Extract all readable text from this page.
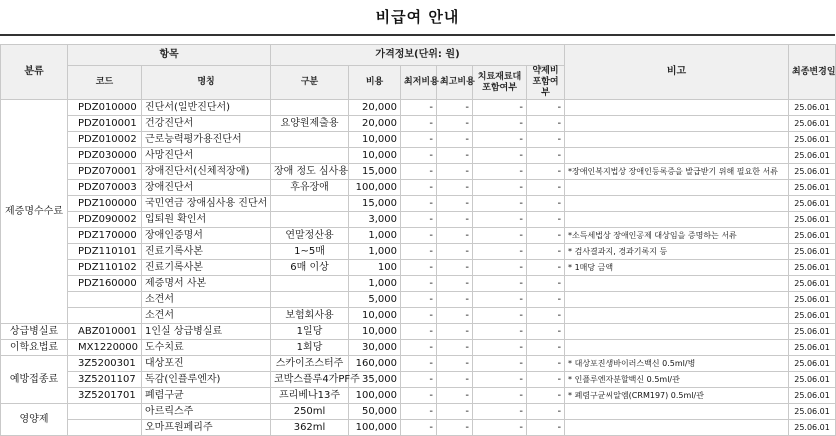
비급여 안내
분류	항목		가격정보(단위: 원)						비고	최종변경일
	코드	명칭	구분	비용	최저비용	최고비용	치료재료대 포함여부	약제비 포함여부		
제증명수수료	PDZ010000	진단서(일반진단서)		20,000	-	-	-	-		25.06.01
	PDZ010001	건강진단서	요양원제출용	20,000	-	-	-	-		25.06.01
	PDZ010002	근로능력평가용진단서		10,000	-	-	-	-		25.06.01
	PDZ030000	사망진단서		10,000	-	-	-	-		25.06.01
	PDZ070001	장애진단서(신체적장애)	장애 정도 심사용	15,000	-	-	-	-	*장애인복지법상 장애인등록증을 발급받기 위해 필요한 서류	25.06.01
	PDZ070003	장애진단서	후유장애	100,000	-	-	-	-		25.06.01
	PDZ100000	국민연금 장애심사용 진단서		15,000	-	-	-	-		25.06.01
	PDZ090002	입퇴원 확인서		3,000	-	-	-	-		25.06.01
	PDZ170000	장애인증명서	연말정산용	1,000	-	-	-	-	*소득세법상 장애인공제 대상임을 증명하는 서류	25.06.01
	PDZ110101	진료기록사본	1~5매	1,000	-	-	-	-	* 검사결과지, 경과기록지 등	25.06.01
	PDZ110102	진료기록사본	6매 이상	100	-	-	-	-	* 1매당 금액	25.06.01
	PDZ160000	제증명서 사본		1,000	-	-	-	-		25.06.01
		소견서		5,000	-	-	-	-		25.06.01
		소견서	보험회사용	10,000	-	-	-	-		25.06.01
상급병실료	ABZ010001	1인실 상급병실료	1일당	10,000	-	-	-	-		25.06.01
이학요법료	MX1220000	도수치료	1회당	30,000	-	-	-	-		25.06.01
예방접종료	3Z5200301	대상포진	스카이조스터주	160,000	-	-	-	-	* 대상포진생바이러스백신 0.5ml/병	25.06.01
	3Z5201107	독감(인플루엔자)	코박스플루4가PF주	35,000	-	-	-	-	* 인플루엔자분할백신 0.5ml/관	25.06.01
	3Z5201701	폐렴구균	프리베나13주	100,000	-	-	-	-	* 폐렴구균씨알엠(CRM197) 0.5ml/관	25.06.01
영양제		아르릭스주	250ml	50,000	-	-	-	-		25.06.01
		오마프원페리주	362ml	100,000	-	-	-	-		25.06.01
